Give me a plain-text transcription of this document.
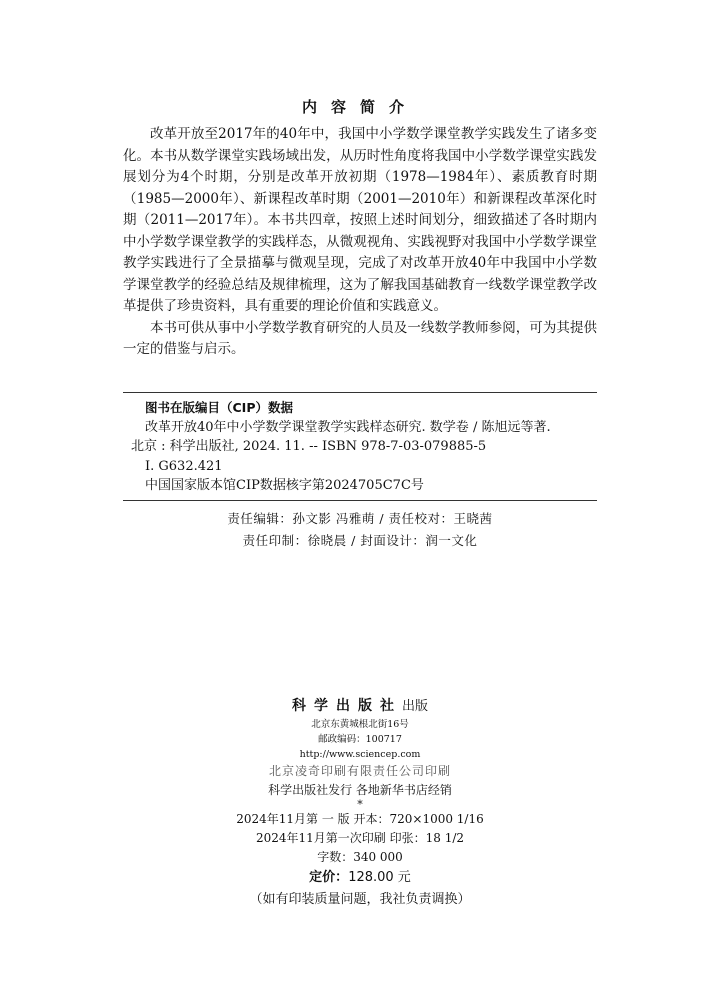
内容简介

改革开放至2017年的40年中，我国中小学数学课堂教学实践发生了诸多变化。本书从数学课堂实践场域出发，从历时性角度将我国中小学数学课堂实践发展划分为4个时期，分别是改革开放初期（1978—1984年）、素质教育时期（1985—2000年）、新课程改革时期（2001—2010年）和新课程改革深化时期（2011—2017年）。本书共四章，按照上述时间划分，细致描述了各时期内中小学数学课堂教学的实践样态，从微观视角、实践视野对我国中小学数学课堂教学实践进行了全景描摹与微观呈现，完成了对改革开放40年中我国中小学数学课堂教学的经验总结及规律梳理，这为了解我国基础教育一线数学课堂教学改革提供了珍贵资料，具有重要的理论价值和实践意义。

本书可供从事中小学数学教育研究的人员及一线数学教师参阅，可为其提供一定的借鉴与启示。

图书在版编目（CIP）数据
改革开放40年中小学数学课堂教学实践样态研究. 数学卷 / 陈旭远等著.
北京 : 科学出版社, 2024. 11. -- ISBN 978-7-03-079885-5
Ⅰ. G632.421
中国国家版本馆CIP数据核字第2024705C7C号
责任编辑：孙文影 冯雅萌 / 责任校对：王晓茜
责任印制：徐晓晨 / 封面设计：润一文化
科学出版社出版
北京东黄城根北街16号
邮政编码：100717
http://www.sciencep.com
北京凌奇印刷有限责任公司印刷
科学出版社发行 各地新华书店经销
*
2024年11月第 一 版 开本：720×1000 1/16
2024年11月第一次印刷 印张：18 1/2
字数：340 000
定价：128.00 元
（如有印装质量问题，我社负责调换）
